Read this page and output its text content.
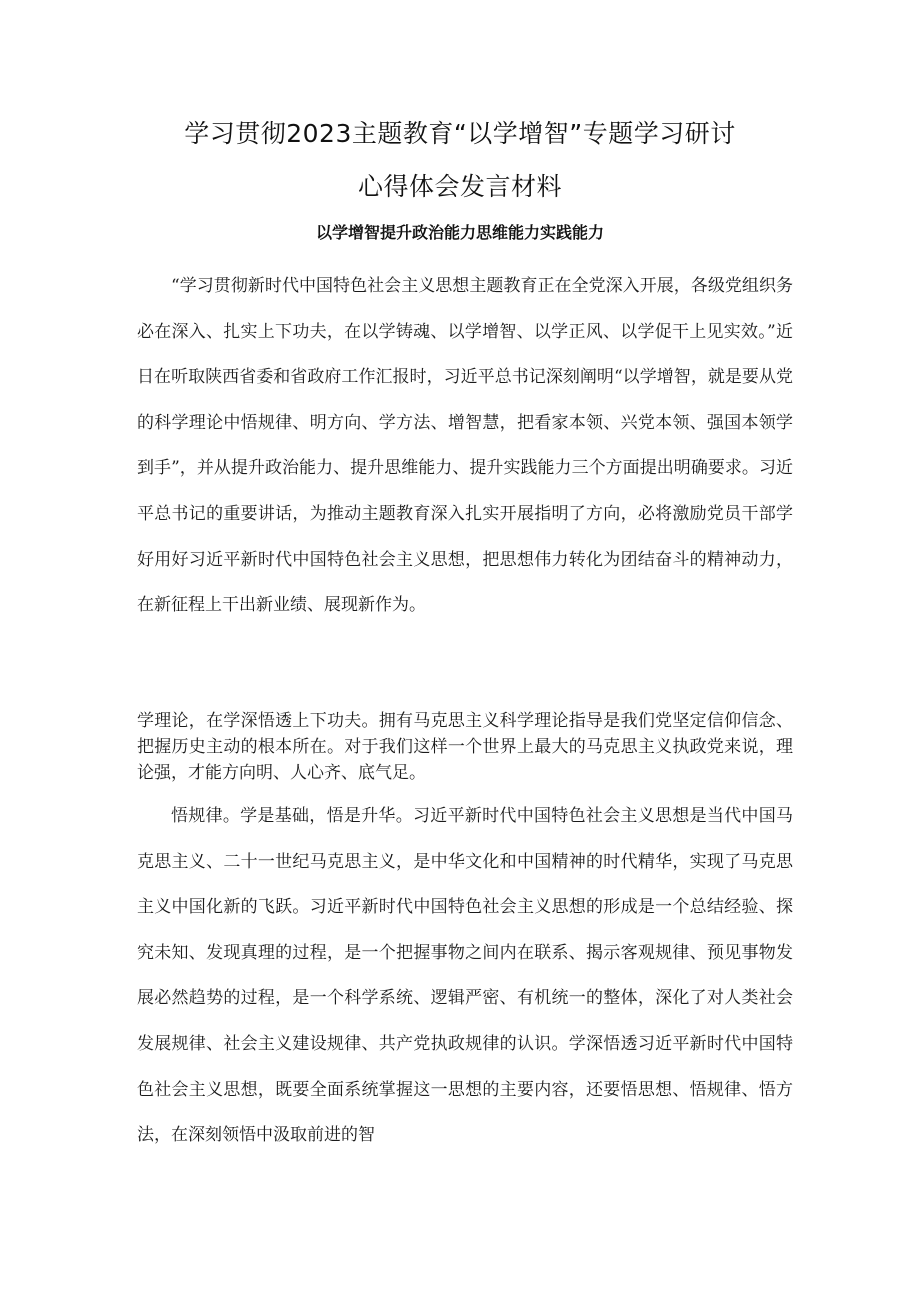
学习贯彻2023主题教育“以学增智”专题学习研讨
心得体会发言材料
以学增智提升政治能力思维能力实践能力

“学习贯彻新时代中国特色社会主义思想主题教育正在全党深入开展，各级党组织务必在深入、扎实上下功夫，在以学铸魂、以学增智、以学正风、以学促干上见实效。”近日在听取陕西省委和省政府工作汇报时，习近平总书记深刻阐明“以学增智，就是要从党的科学理论中悟规律、明方向、学方法、增智慧，把看家本领、兴党本领、强国本领学到手”，并从提升政治能力、提升思维能力、提升实践能力三个方面提出明确要求。习近平总书记的重要讲话，为推动主题教育深入扎实开展指明了方向，必将激励党员干部学好用好习近平新时代中国特色社会主义思想，把思想伟力转化为团结奋斗的精神动力，在新征程上干出新业绩、展现新作为。

学理论，在学深悟透上下功夫。拥有马克思主义科学理论指导是我们党坚定信仰信念、把握历史主动的根本所在。对于我们这样一个世界上最大的马克思主义执政党来说，理论强，才能方向明、人心齐、底气足。

悟规律。学是基础，悟是升华。习近平新时代中国特色社会主义思想是当代中国马克思主义、二十一世纪马克思主义，是中华文化和中国精神的时代精华，实现了马克思主义中国化新的飞跃。习近平新时代中国特色社会主义思想的形成是一个总结经验、探究未知、发现真理的过程，是一个把握事物之间内在联系、揭示客观规律、预见事物发展必然趋势的过程，是一个科学系统、逻辑严密、有机统一的整体，深化了对人类社会发展规律、社会主义建设规律、共产党执政规律的认识。学深悟透习近平新时代中国特色社会主义思想，既要全面系统掌握这一思想的主要内容，还要悟思想、悟规律、悟方法，在深刻领悟中汲取前进的智
